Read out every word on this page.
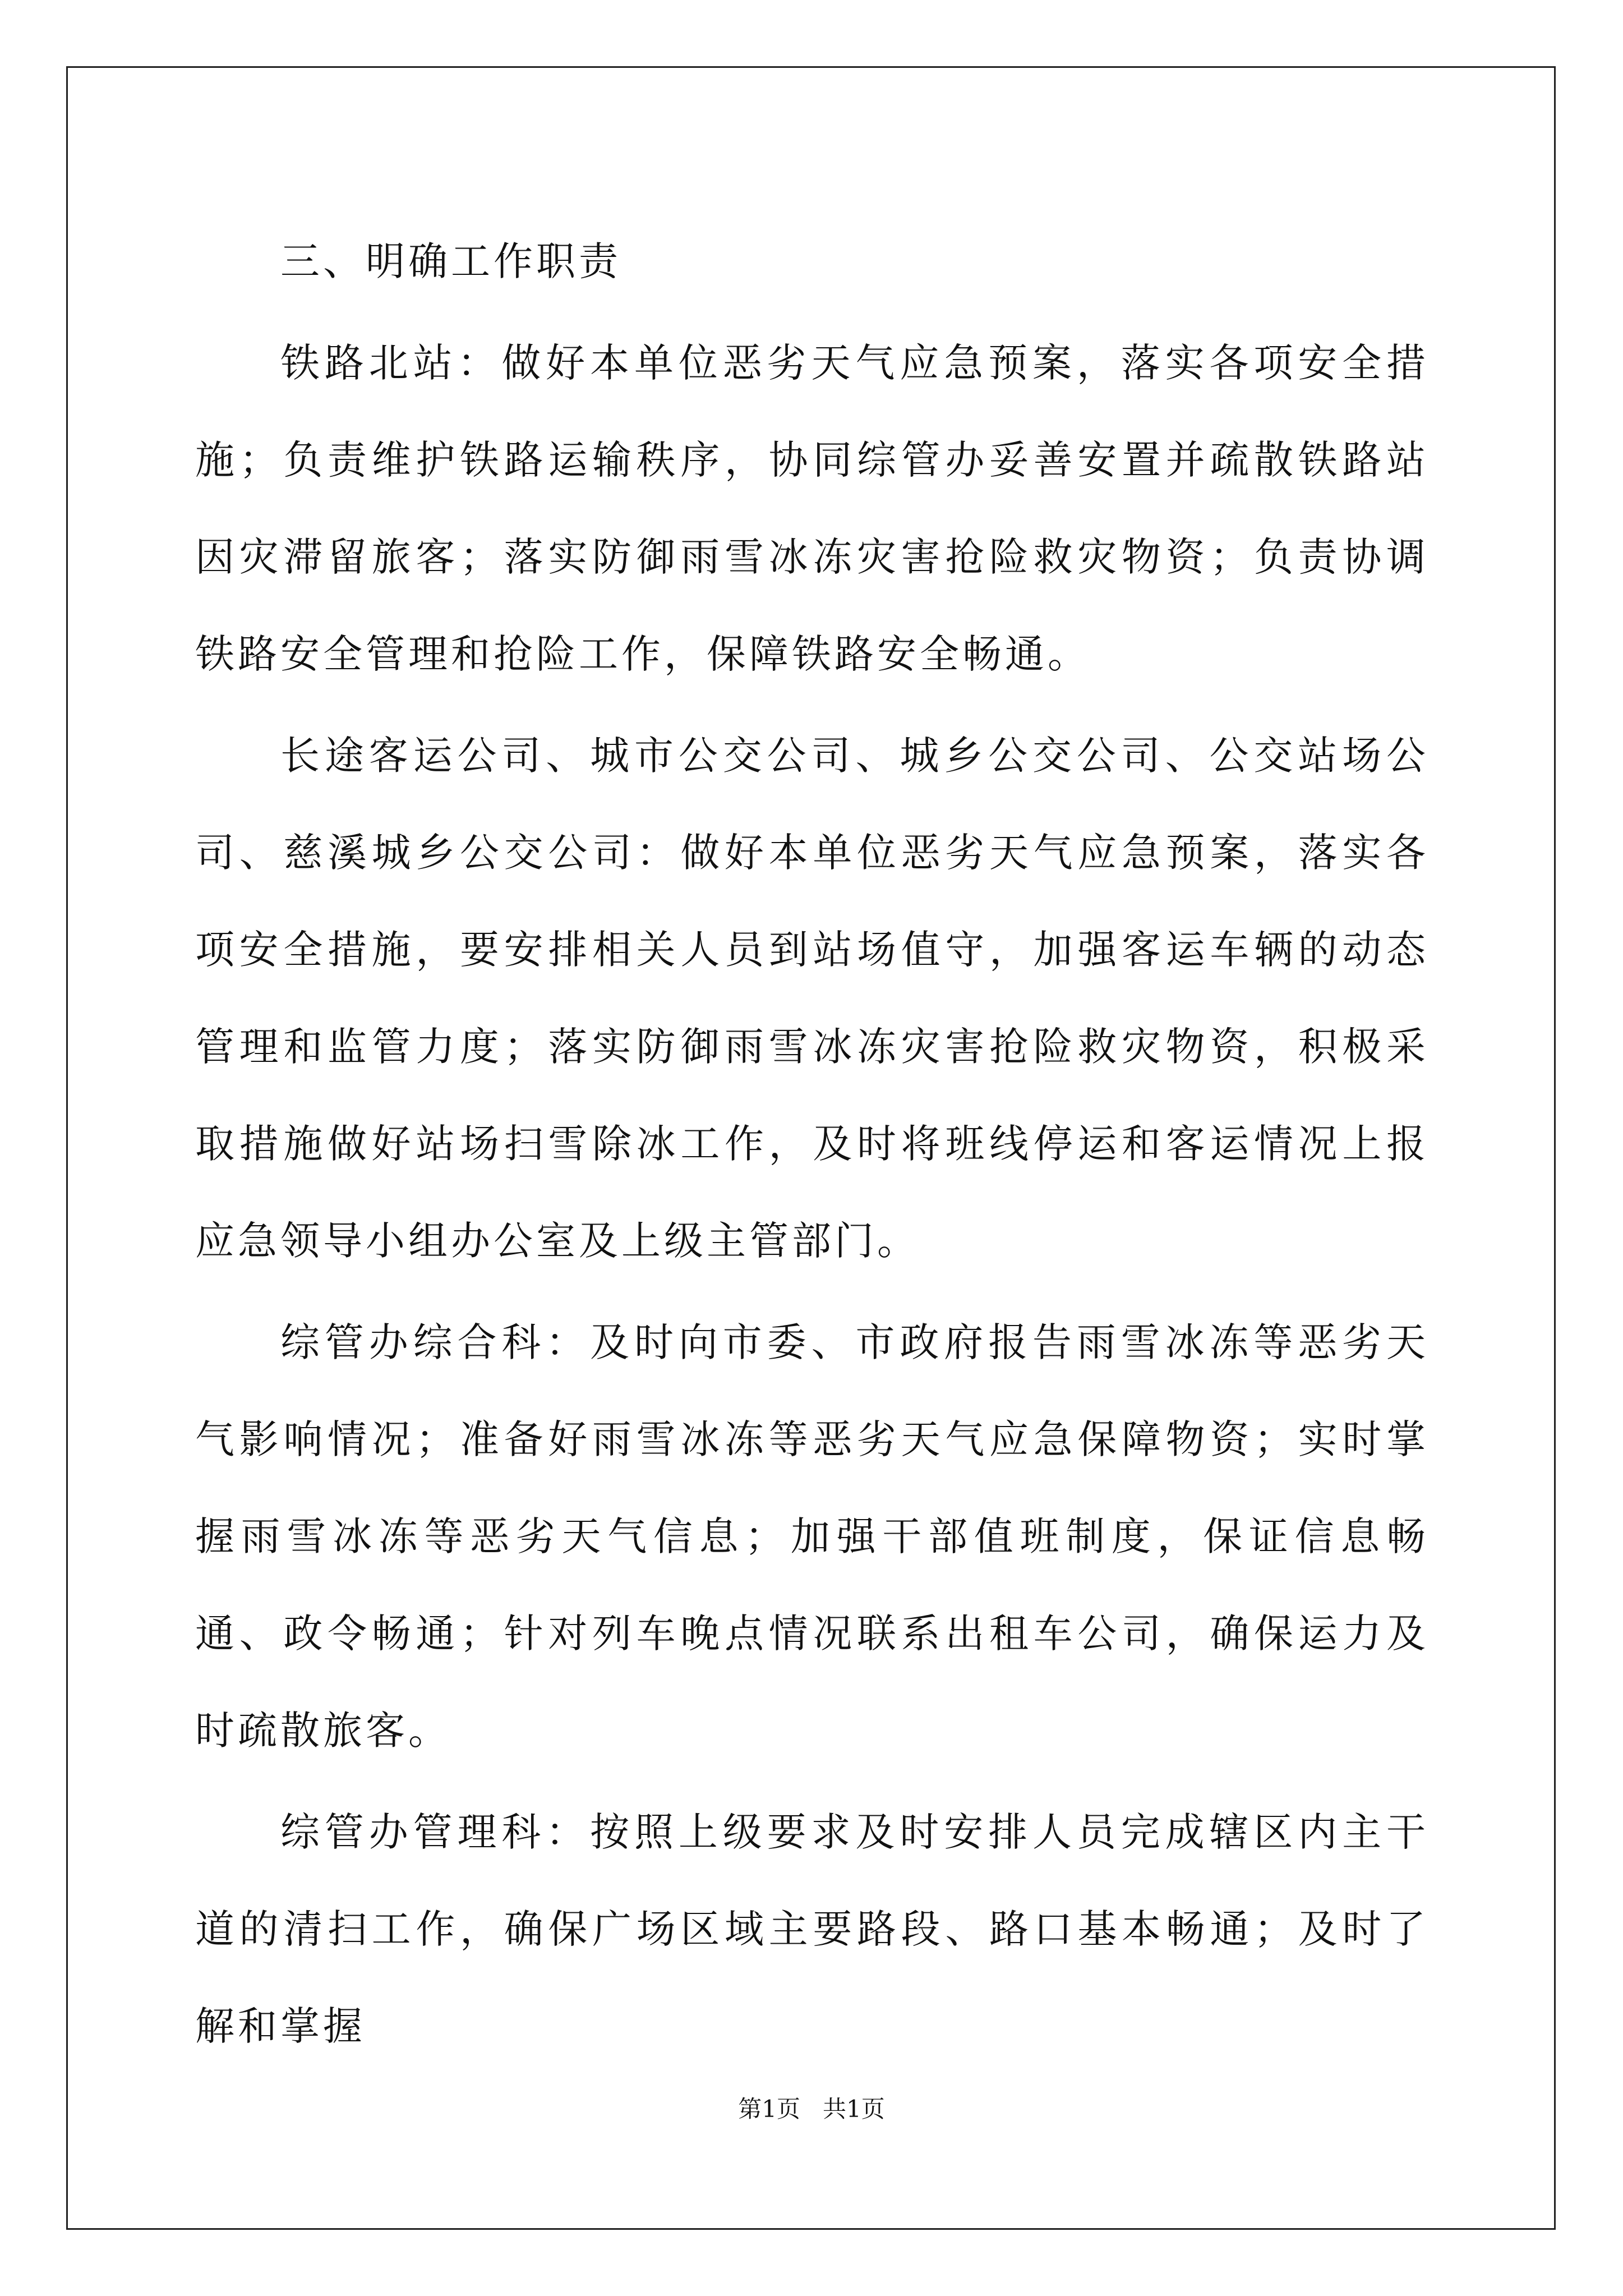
三、明确工作职责

铁路北站：做好本单位恶劣天气应急预案，落实各项安全措施；负责维护铁路运输秩序，协同综管办妥善安置并疏散铁路站因灾滞留旅客；落实防御雨雪冰冻灾害抢险救灾物资；负责协调铁路安全管理和抢险工作，保障铁路安全畅通。

长途客运公司、城市公交公司、城乡公交公司、公交站场公司、慈溪城乡公交公司：做好本单位恶劣天气应急预案，落实各项安全措施，要安排相关人员到站场值守，加强客运车辆的动态管理和监管力度；落实防御雨雪冰冻灾害抢险救灾物资，积极采取措施做好站场扫雪除冰工作，及时将班线停运和客运情况上报应急领导小组办公室及上级主管部门。

综管办综合科：及时向市委、市政府报告雨雪冰冻等恶劣天气影响情况；准备好雨雪冰冻等恶劣天气应急保障物资；实时掌握雨雪冰冻等恶劣天气信息；加强干部值班制度，保证信息畅通、政令畅通；针对列车晚点情况联系出租车公司，确保运力及时疏散旅客。

综管办管理科：按照上级要求及时安排人员完成辖区内主干道的清扫工作，确保广场区域主要路段、路口基本畅通；及时了解和掌握

第1页 共1页
